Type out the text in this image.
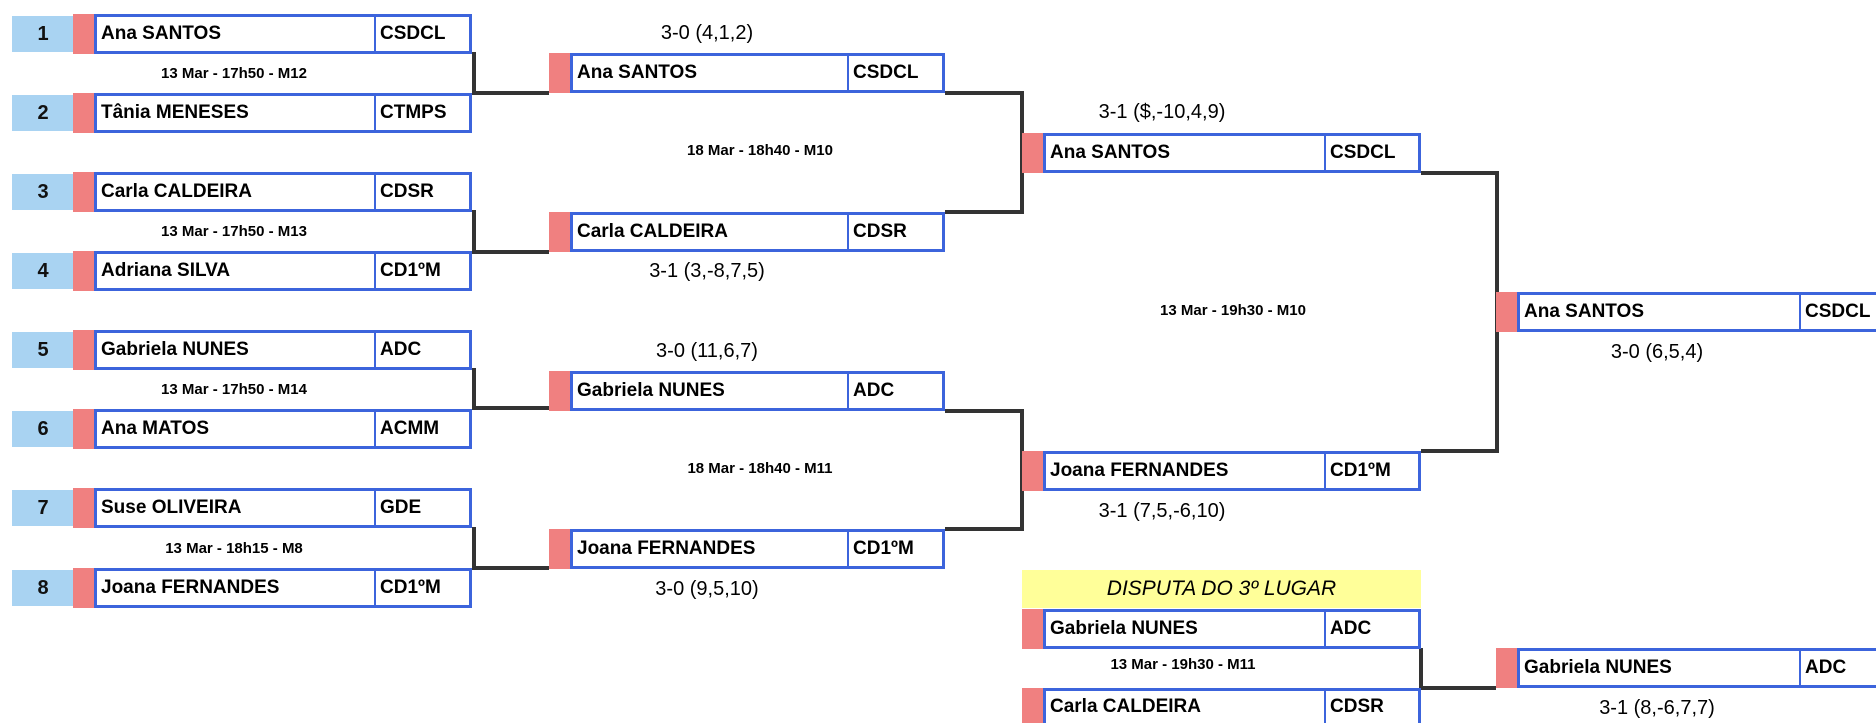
1	Ana SANTOS	CSDCL
13 Mar - 17h50 - M12
2	Tânia MENESES	CTMPS
3	Carla CALDEIRA	CDSR
13 Mar - 17h50 - M13
4	Adriana SILVA	CD1ºM
5	Gabriela NUNES	ADC
13 Mar - 17h50 - M14
6	Ana MATOS	ACMM
7	Suse OLIVEIRA	GDE
13 Mar - 18h15 - M8
8	Joana FERNANDES	CD1ºM
3-0 (4,1,2)
Ana SANTOS	CSDCL
18 Mar - 18h40 - M10
Carla CALDEIRA	CDSR
3-1 (3,-8,7,5)
3-0 (11,6,7)
Gabriela NUNES	ADC
18 Mar - 18h40 - M11
Joana FERNANDES	CD1ºM
3-0 (9,5,10)
3-1 ($,-10,4,9)
Ana SANTOS	CSDCL
13 Mar - 19h30 - M10
Joana FERNANDES	CD1ºM
3-1 (7,5,-6,10)
Ana SANTOS	CSDCL
3-0 (6,5,4)
DISPUTA DO 3º LUGAR
Gabriela NUNES	ADC
13 Mar - 19h30 - M11
Carla CALDEIRA	CDSR
Gabriela NUNES	ADC
3-1 (8,-6,7,7)
